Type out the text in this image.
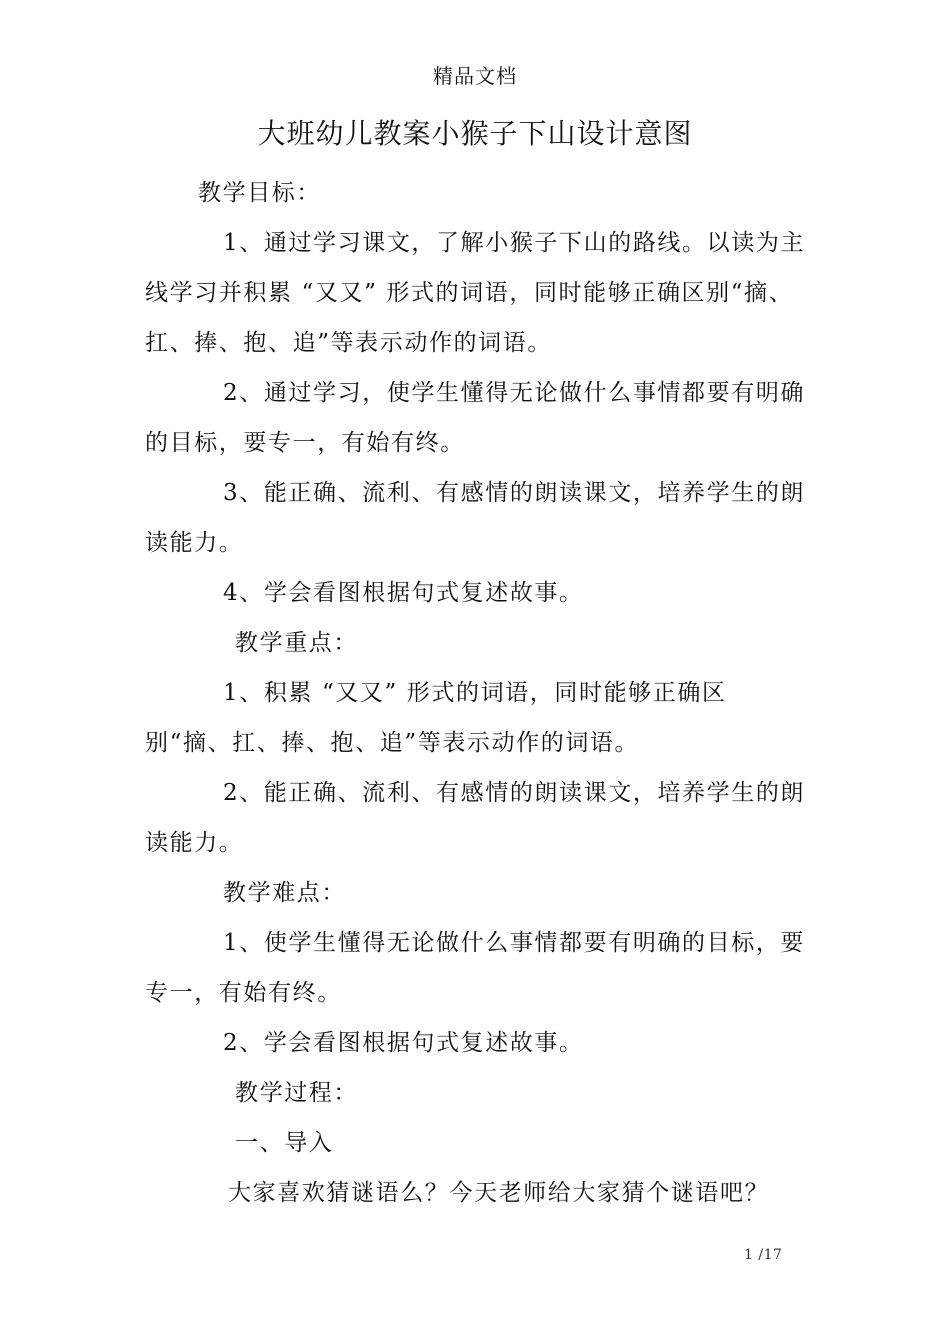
精品文档
大班幼儿教案小猴子下山设计意图

教学目标：

1、通过学习课文，了解小猴子下山的路线。以读为主线学习并积累 “又又” 形式的词语，同时能够正确区别“摘、扛、捧、抱、追”等表示动作的词语。

2、通过学习，使学生懂得无论做什么事情都要有明确的目标，要专一，有始有终。

3、能正确、流利、有感情的朗读课文，培养学生的朗读能力。

4、学会看图根据句式复述故事。

教学重点：

1、积累 “又又” 形式的词语，同时能够正确区别“摘、扛、捧、抱、追”等表示动作的词语。

2、能正确、流利、有感情的朗读课文，培养学生的朗读能力。

教学难点：

1、使学生懂得无论做什么事情都要有明确的目标，要专一，有始有终。

2、学会看图根据句式复述故事。

教学过程：

一、导入

大家喜欢猜谜语么？今天老师给大家猜个谜语吧？

1 /17
